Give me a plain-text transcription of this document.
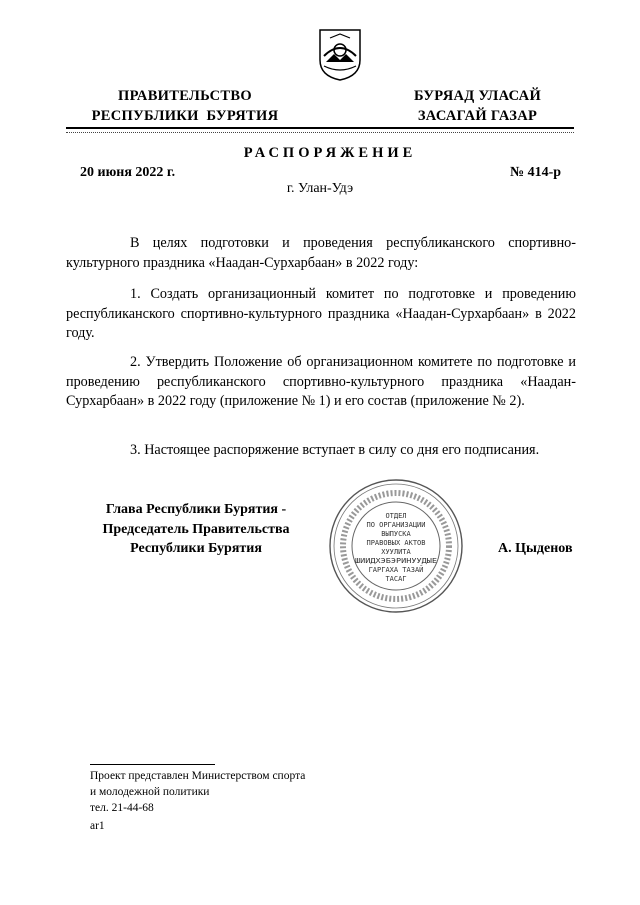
ПРАВИТЕЛЬСТВО
РЕСПУБЛИКИ  БУРЯТИЯ
БУРЯАД УЛАСАЙ
ЗАСАГАЙ ГАЗАР
РАСПОРЯЖЕНИЕ
20 июня 2022 г.	№ 414-р
г. Улан-Удэ
В целях подготовки и проведения республиканского спортивно-культурного праздника «Наадан-Сурхарбаан» в 2022 году:
1. Создать организационный комитет по подготовке и проведению республиканского спортивно-культурного праздника «Наадан-Сурхарбаан» в 2022 году.
2. Утвердить Положение об организационном комитете по подготовке и проведению республиканского спортивно-культурного праздника «Наадан-Сурхарбаан» в 2022 году (приложение № 1) и его состав (приложение № 2).
3. Настоящее распоряжение вступает в силу со дня его подписания.
Глава Республики Бурятия -
Председатель Правительства
Республики Бурятия	А. Цыденов
ОТДЕЛ
ПО ОРГАНИЗАЦИИ
ВЫПУСКА
ПРАВОВЫХ АКТОВ
ХУУЛИТА
ШИИДХЭБЭРИНУУДЫЕ
ГАРГАХА ТАЗАЙ
ТАСАГ
Проект представлен Министерством спорта
и молодежной политики
тел. 21-44-68
ar1
